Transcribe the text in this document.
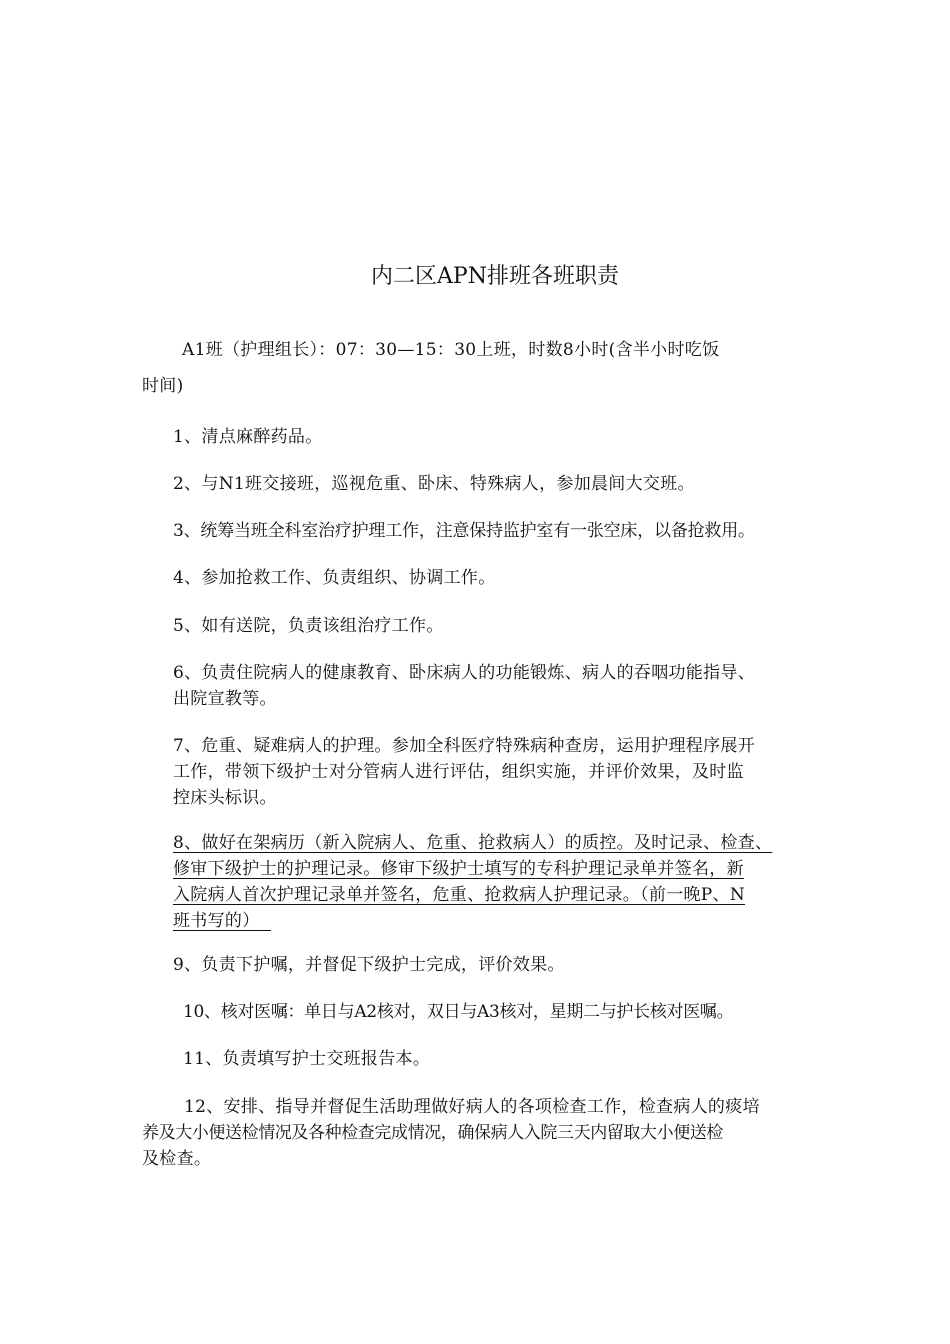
内二区APN排班各班职责
A1班（护理组长）：07：30—15：30上班，时数8小时(含半小时吃饭
时间)
1、清点麻醉药品。
2、与N1班交接班，巡视危重、卧床、特殊病人，参加晨间大交班。
3、统筹当班全科室治疗护理工作，注意保持监护室有一张空床，以备抢救用。
4、参加抢救工作、负责组织、协调工作。
5、如有送院，负责该组治疗工作。
6、负责住院病人的健康教育、卧床病人的功能锻炼、病人的吞咽功能指导、
出院宣教等。
7、危重、疑难病人的护理。参加全科医疗特殊病种查房，运用护理程序展开
工作，带领下级护士对分管病人进行评估，组织实施，并评价效果，及时监
控床头标识。
8、做好在架病历（新入院病人、危重、抢救病人）的质控。及时记录、检查、
修审下级护士的护理记录。修审下级护士填写的专科护理记录单并签名，新
入院病人首次护理记录单并签名，危重、抢救病人护理记录。（前一晚P、N
班书写的）
9、负责下护嘱，并督促下级护士完成，评价效果。
10、核对医嘱：单日与A2核对，双日与A3核对，星期二与护长核对医嘱。
11、负责填写护士交班报告本。
12、安排、指导并督促生活助理做好病人的各项检查工作，检查病人的痰培
养及大小便送检情况及各种检查完成情况，确保病人入院三天内留取大小便送检
及检查。
